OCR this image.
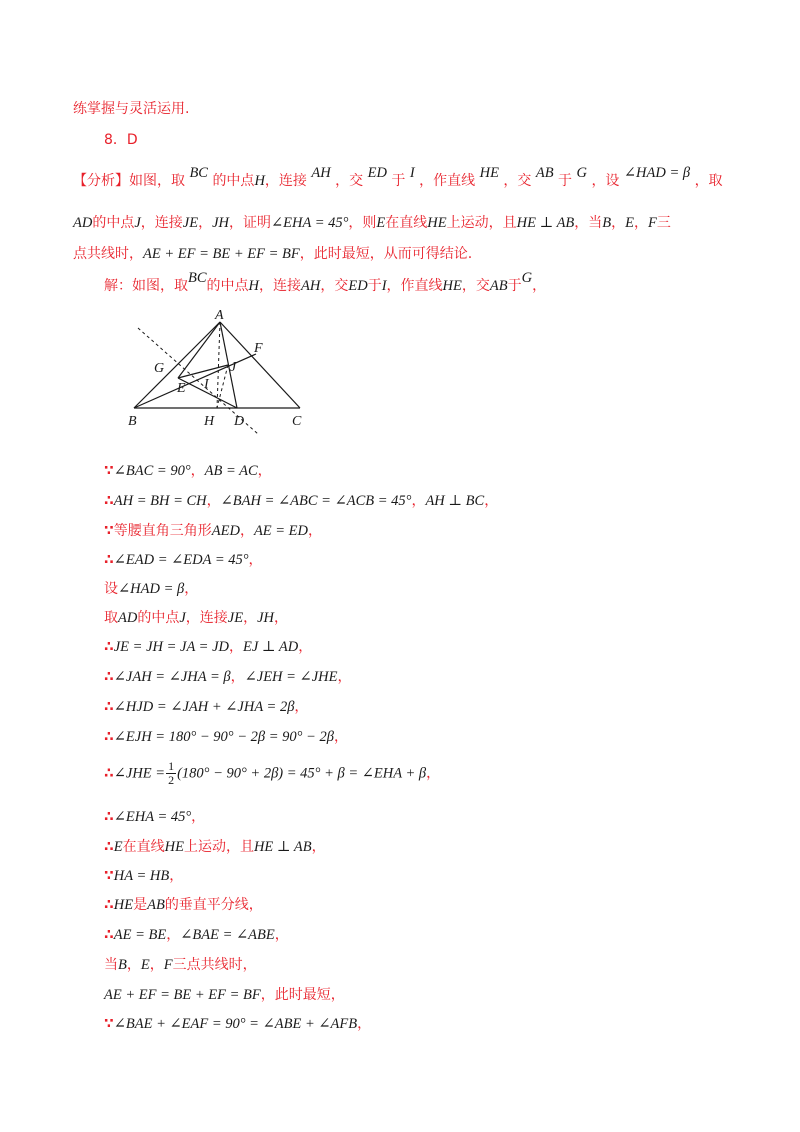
练掌握与灵活运用.
8．D
【分析】如图，取 BC 的中点H，连接 AH ，交 ED 于 I ，作直线 HE ，交 AB 于 G ，设 ∠HAD = β ，取
AD的中点J，连接JE，JH，证明∠EHA = 45°，则E在直线HE上运动，且HE ⊥ AB，当B，E，F三
点共线时，AE + EF = BE + EF = BF，此时最短，从而可得结论.
解：如图，取BC的中点H，连接AH，交ED于I，作直线HE，交AB于G，
A
F
G	J
E I
B	H D	C
∵∠BAC = 90°，AB = AC，
∴AH = BH = CH，∠BAH = ∠ABC = ∠ACB = 45°，AH ⊥ BC，
∵等腰直角三角形AED，AE = ED，
∴∠EAD = ∠EDA = 45°，
设∠HAD = β，
取AD的中点J，连接JE，JH，
∴JE = JH = JA = JD，EJ ⊥ AD，
∴∠JAH = ∠JHA = β，∠JEH = ∠JHE，
∴∠HJD = ∠JAH + ∠JHA = 2β，
∴∠EJH = 180° − 90° − 2β = 90° − 2β，
∴∠JHE = $\frac{1}{2} (180^\circ - 90^\circ + 2\beta) = 45^\circ + \beta$ = ∠EHA + β，
∴∠EHA = 45°，
∴E在直线HE上运动，且HE ⊥ AB，
∵HA = HB，
∴HE是AB的垂直平分线，
∴AE = BE，∠BAE = ∠ABE，
当B，E，F三点共线时，
AE + EF = BE + EF = BF，此时最短，
∵∠BAE + ∠EAF = 90° = ∠ABE + ∠AFB，
